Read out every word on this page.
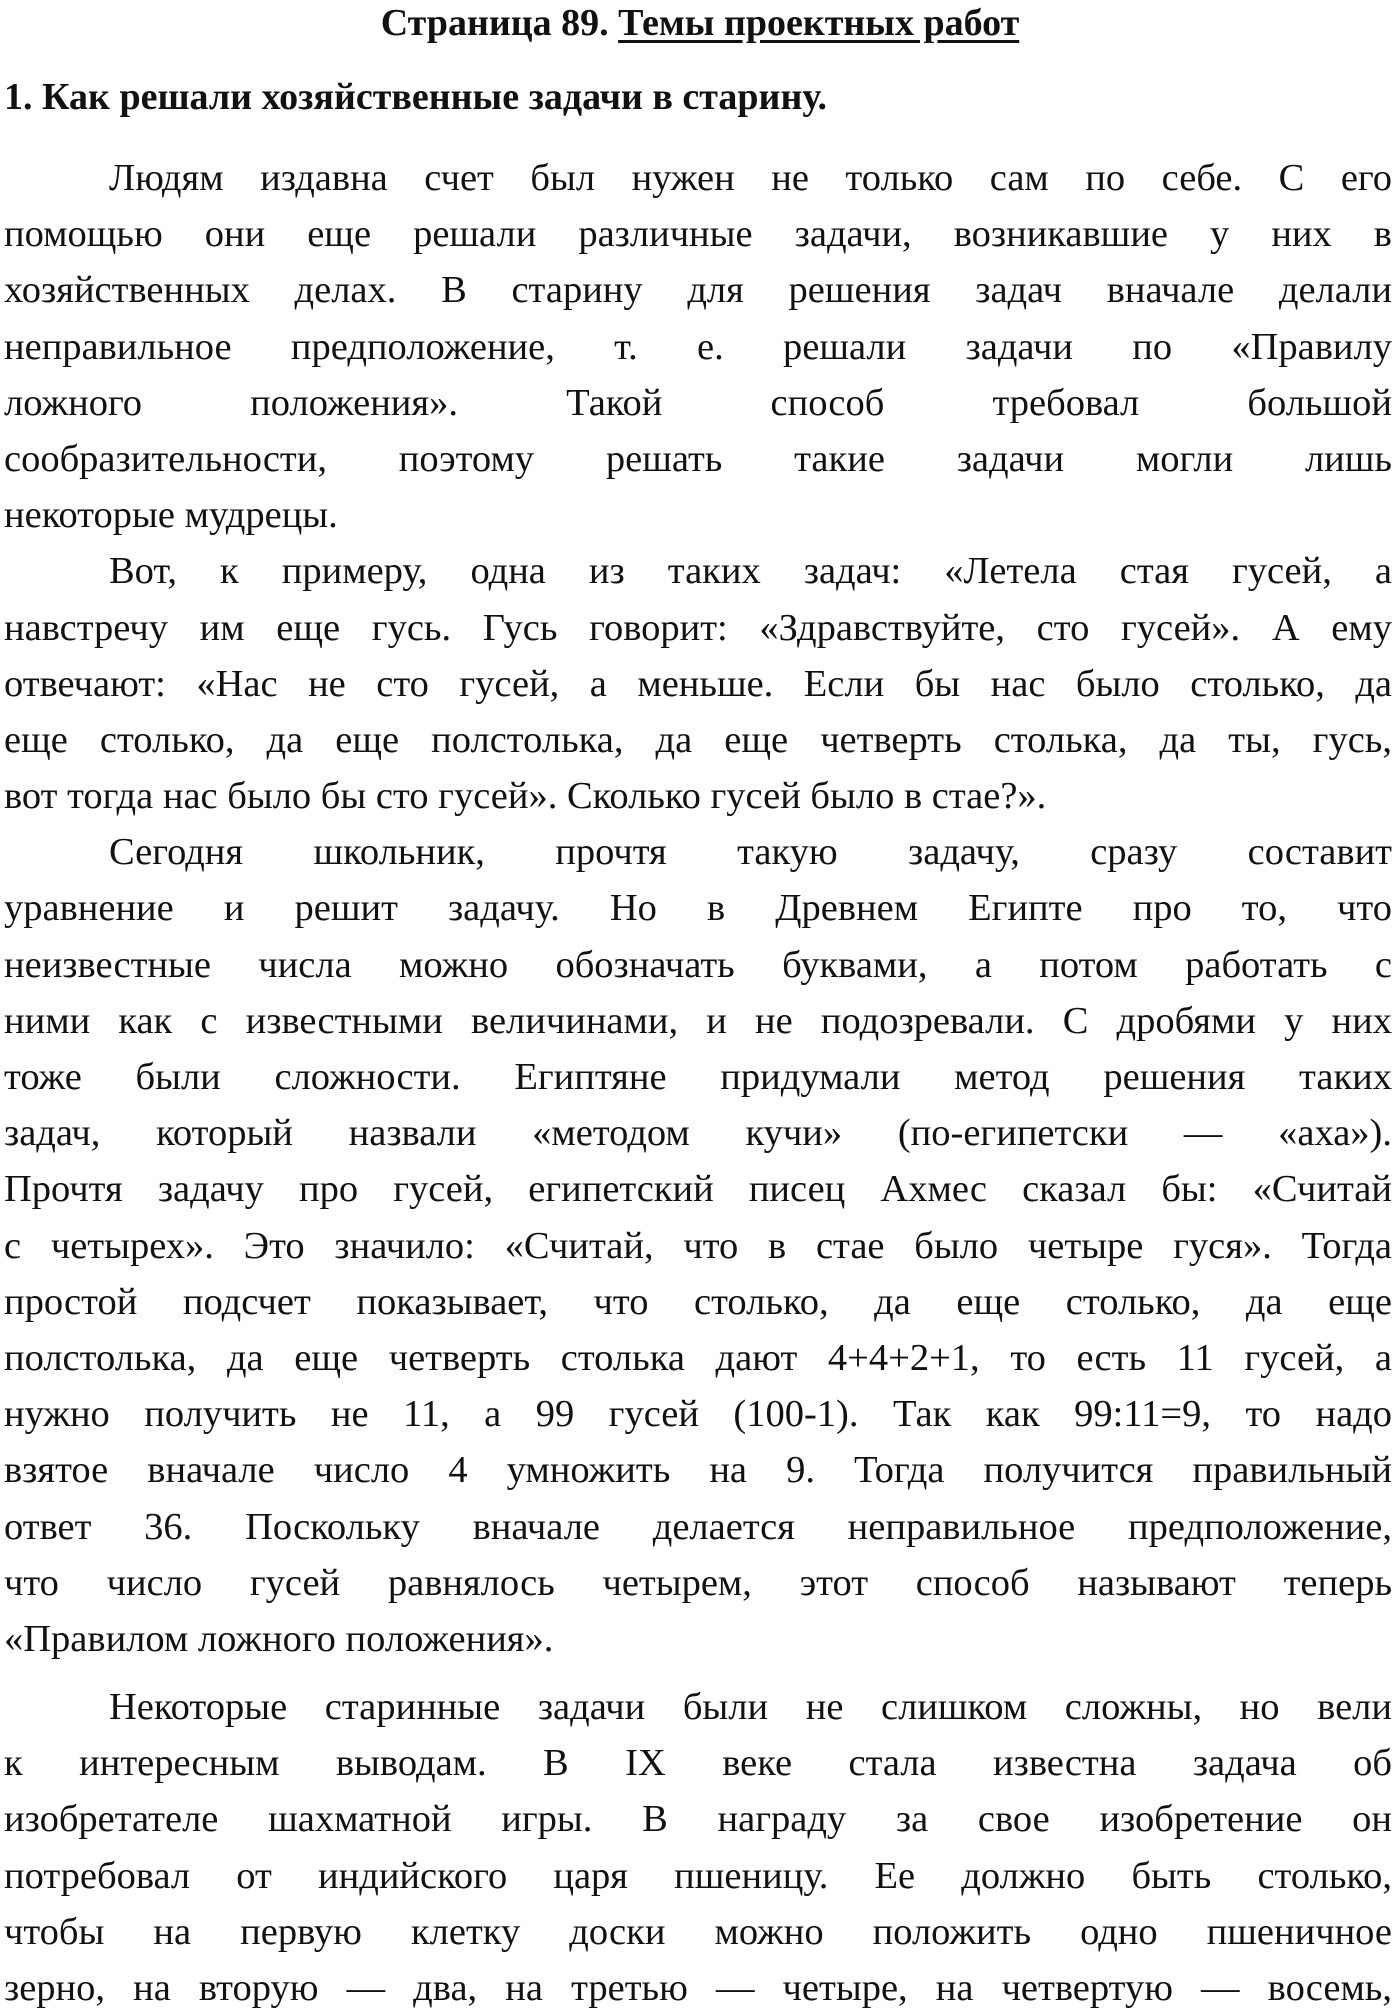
Страница 89. Темы проектных работ
1. Как решали хозяйственные задачи в старину.
Людям издавна счет был нужен не только сам по себе. С его
помощью они еще решали различные задачи, возникавшие у них в
хозяйственных делах. В старину для решения задач вначале делали
неправильное предположение, т. е. решали задачи по «Правилу
ложного положения». Такой способ требовал большой
сообразительности, поэтому решать такие задачи могли лишь
некоторые мудрецы.
Вот, к примеру, одна из таких задач: «Летела стая гусей, а
навстречу им еще гусь. Гусь говорит: «Здравствуйте, сто гусей». А ему
отвечают: «Нас не сто гусей, а меньше. Если бы нас было столько, да
еще столько, да еще полстолька, да еще четверть столька, да ты, гусь,
вот тогда нас было бы сто гусей». Сколько гусей было в стае?».
Сегодня школьник, прочтя такую задачу, сразу составит
уравнение и решит задачу. Но в Древнем Египте про то, что
неизвестные числа можно обозначать буквами, а потом работать с
ними как с известными величинами, и не подозревали. С дробями у них
тоже были сложности. Египтяне придумали метод решения таких
задач, который назвали «методом кучи» (по-египетски — «аха»).
Прочтя задачу про гусей, египетский писец Ахмес сказал бы: «Считай
с четырех». Это значило: «Считай, что в стае было четыре гуся». Тогда
простой подсчет показывает, что столько, да еще столько, да еще
полстолька, да еще четверть столька дают 4+4+2+1, то есть 11 гусей, а
нужно получить не 11, а 99 гусей (100-1). Так как 99:11=9, то надо
взятое вначале число 4 умножить на 9. Тогда получится правильный
ответ 36. Поскольку вначале делается неправильное предположение,
что число гусей равнялось четырем, этот способ называют теперь
«Правилом ложного положения».
Некоторые старинные задачи были не слишком сложны, но вели
к интересным выводам. В IX веке стала известна задача об
изобретателе шахматной игры. В награду за свое изобретение он
потребовал от индийского царя пшеницу. Ее должно быть столько,
чтобы на первую клетку доски можно положить одно пшеничное
зерно, на вторую — два, на третью — четыре, на четвертую — восемь,
